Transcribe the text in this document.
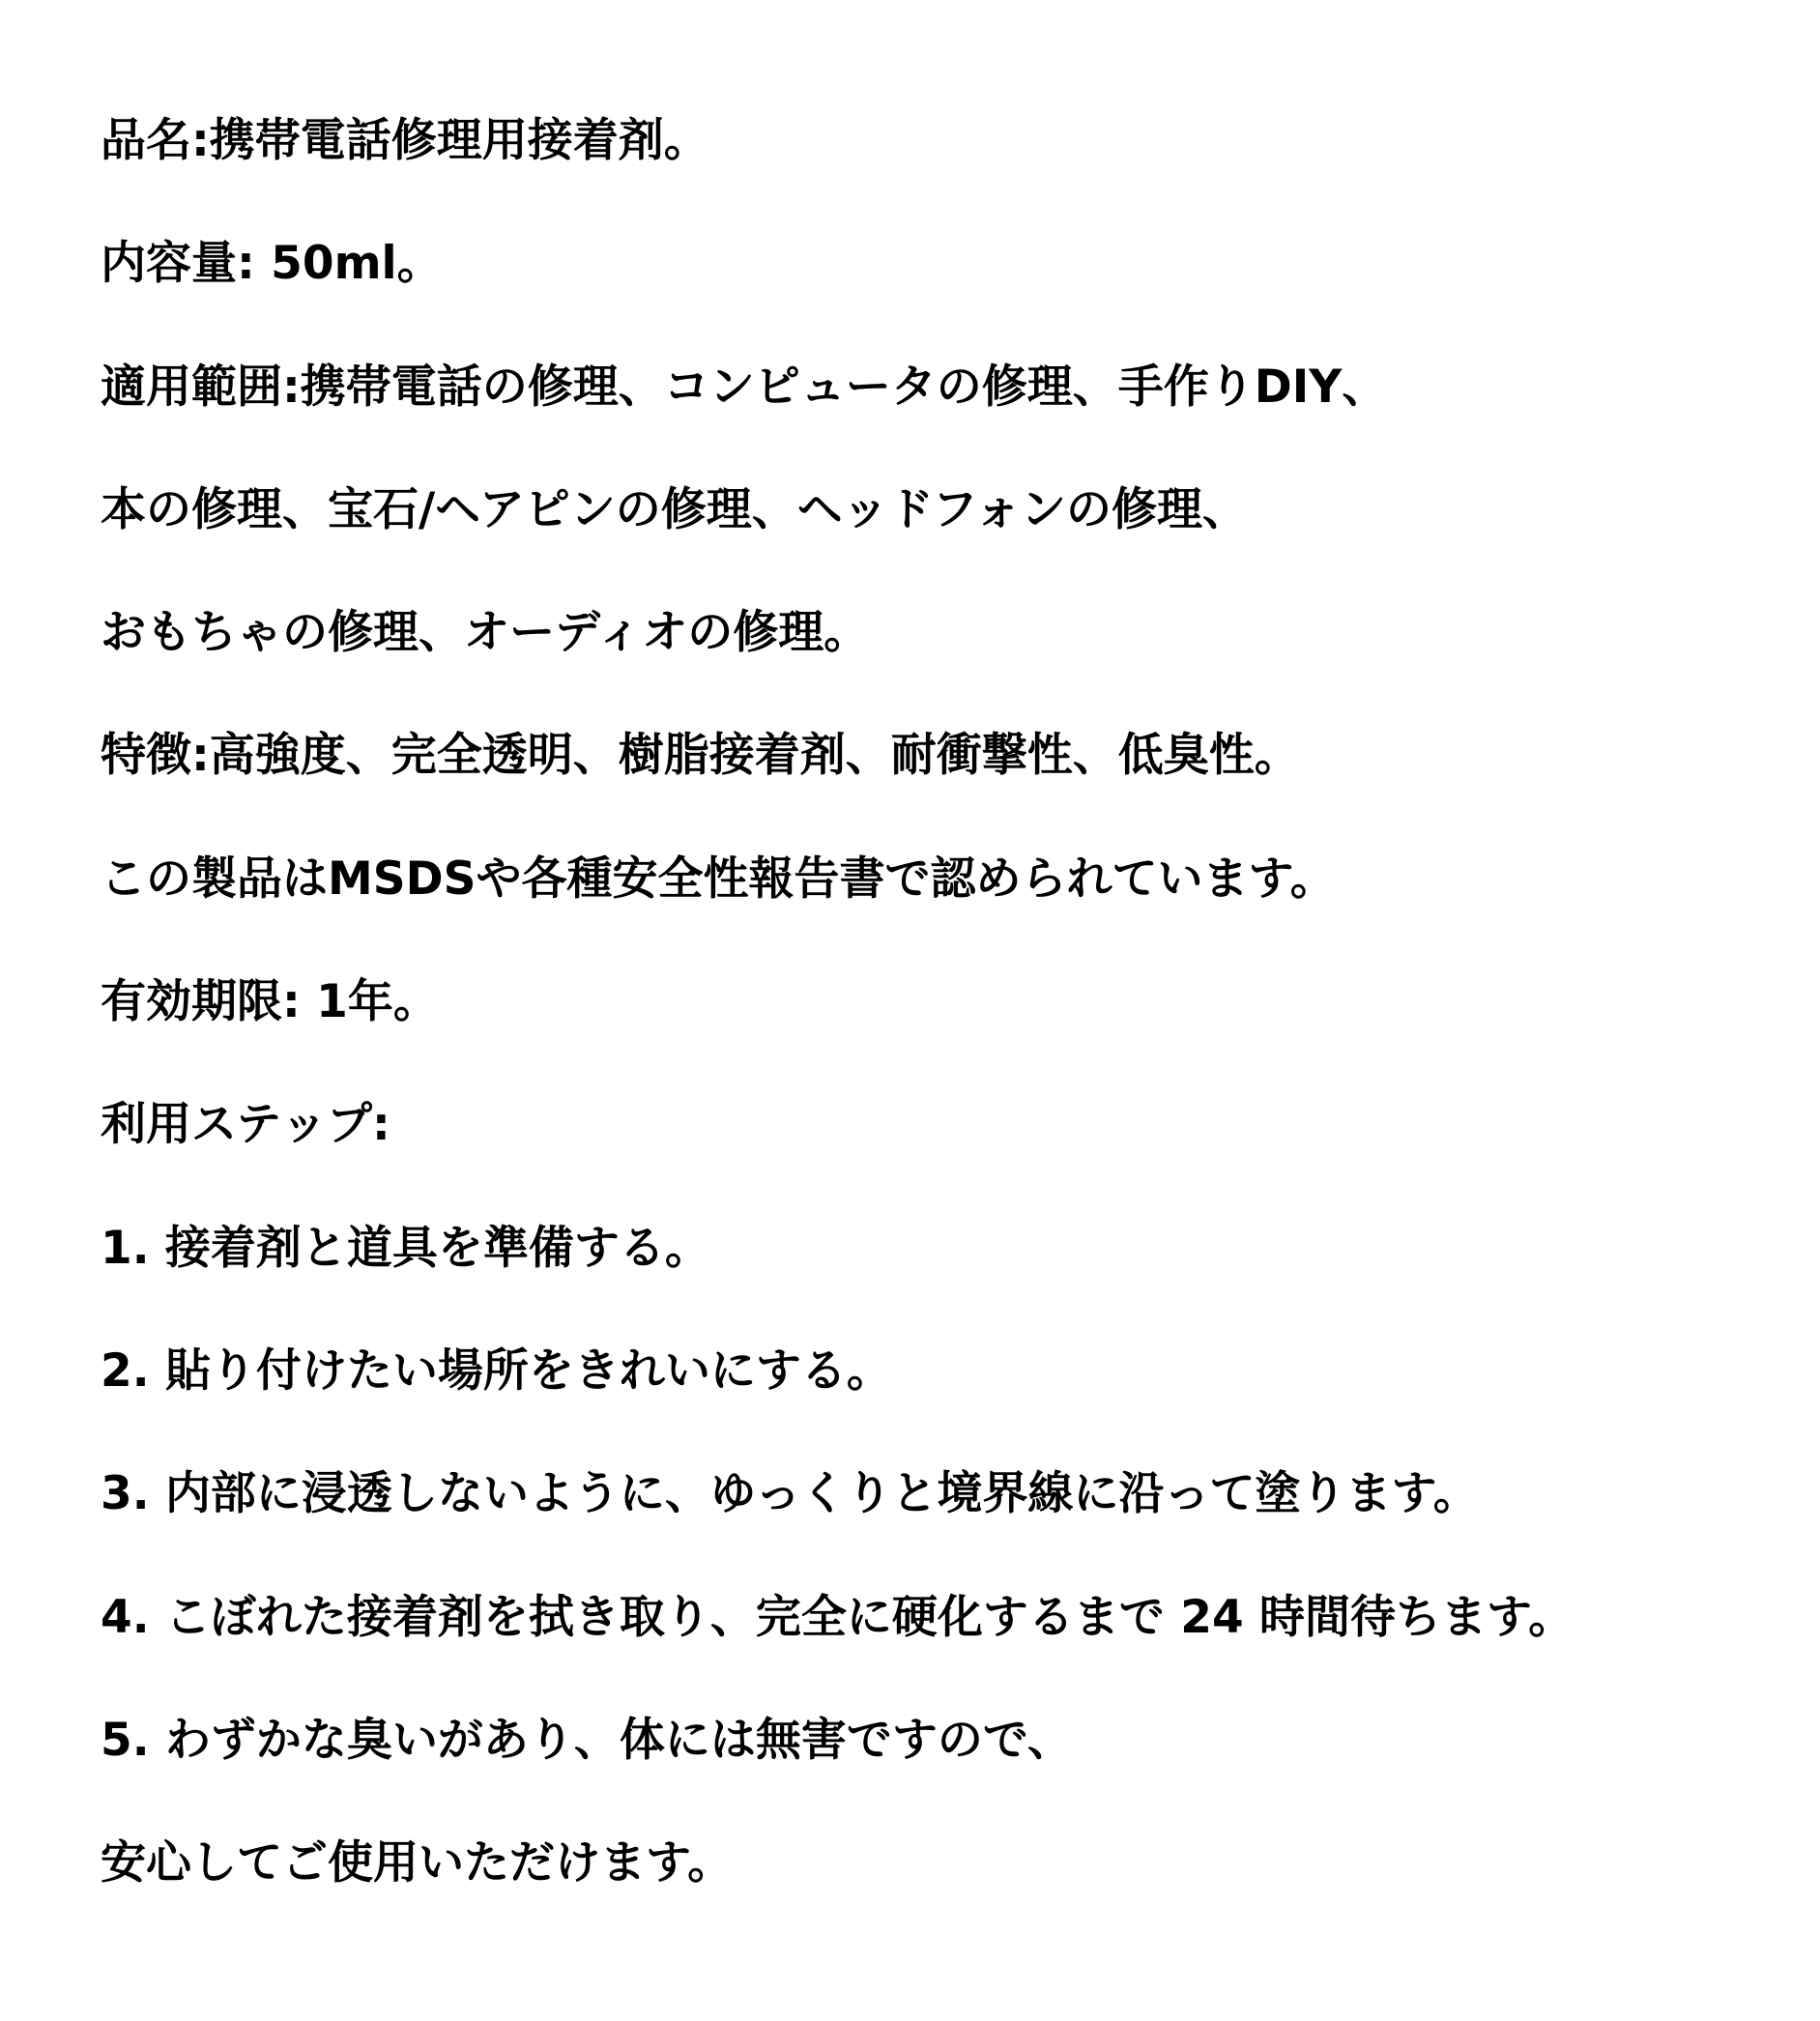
品名:携帯電話修理用接着剤。
内容量: 50ml。
適用範囲:携帯電話の修理、コンピュータの修理、手作りDIY、
本の修理、宝石/ヘアピンの修理、ヘッドフォンの修理、
おもちゃの修理、オーディオの修理。
特徴:高強度、完全透明、樹脂接着剤、耐衝撃性、低臭性。
この製品はMSDSや各種安全性報告書で認められています。
有効期限: 1年。
利用ステップ:
1. 接着剤と道具を準備する。
2. 貼り付けたい場所をきれいにする。
3. 内部に浸透しないように、ゆっくりと境界線に沿って塗ります。
4. こぼれた接着剤を拭き取り、完全に硬化するまで 24 時間待ちます。
5. わずかな臭いがあり、体には無害ですので、
安心してご使用いただけます。
